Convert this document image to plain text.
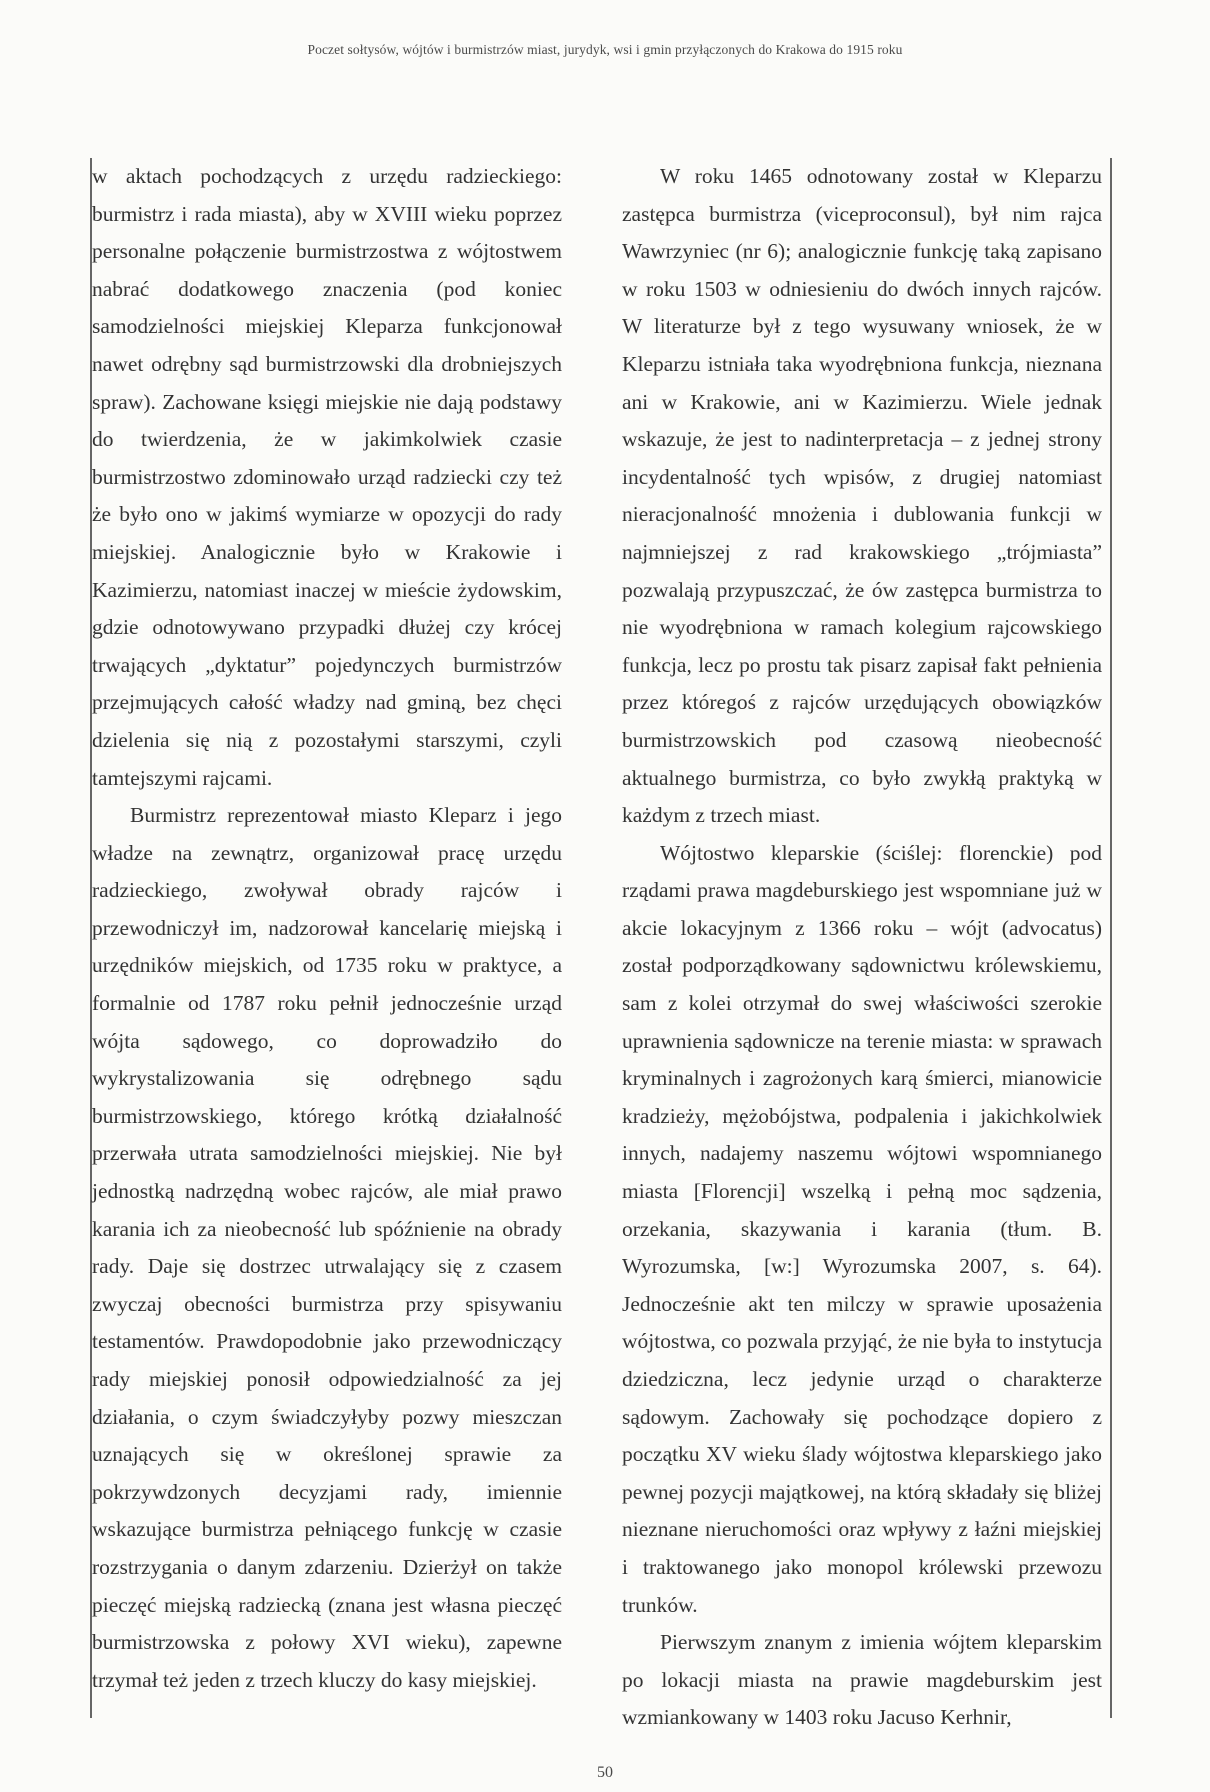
Poczet sołtysów, wójtów i burmistrzów miast, jurydyk, wsi i gmin przyłączonych do Krakowa do 1915 roku

w aktach pochodzących z urzędu radzieckiego: burmistrz i rada miasta), aby w XVIII wieku poprzez personalne połączenie burmistrzostwa z wójtostwem nabrać dodatkowego znaczenia (pod koniec samodzielności miejskiej Kleparza funkcjonował nawet odrębny sąd burmistrzowski dla drobniejszych spraw). Zachowane księgi miejskie nie dają podstawy do twierdzenia, że w jakimkolwiek czasie burmistrzostwo zdominowało urząd radziecki czy też że było ono w jakimś wymiarze w opozycji do rady miejskiej. Analogicznie było w Krakowie i Kazimierzu, natomiast inaczej w mieście żydowskim, gdzie odnotowywano przypadki dłużej czy krócej trwających „dyktatur” pojedynczych burmistrzów przejmujących całość władzy nad gminą, bez chęci dzielenia się nią z pozostałymi starszymi, czyli tamtejszymi rajcami.

Burmistrz reprezentował miasto Kleparz i jego władze na zewnątrz, organizował pracę urzędu radzieckiego, zwoływał obrady rajców i przewodniczył im, nadzorował kancelarię miejską i urzędników miejskich, od 1735 roku w praktyce, a formalnie od 1787 roku pełnił jednocześnie urząd wójta sądowego, co doprowadziło do wykrystalizowania się odrębnego sądu burmistrzowskiego, którego krótką działalność przerwała utrata samodzielności miejskiej. Nie był jednostką nadrzędną wobec rajców, ale miał prawo karania ich za nieobecność lub spóźnienie na obrady rady. Daje się dostrzec utrwalający się z czasem zwyczaj obecności burmistrza przy spisywaniu testamentów. Prawdopodobnie jako przewodniczący rady miejskiej ponosił odpowiedzialność za jej działania, o czym świadczyłyby pozwy mieszczan uznających się w określonej sprawie za pokrzywdzonych decyzjami rady, imiennie wskazujące burmistrza pełniącego funkcję w czasie rozstrzygania o danym zdarzeniu. Dzierżył on także pieczęć miejską radziecką (znana jest własna pieczęć burmistrzowska z połowy XVI wieku), zapewne trzymał też jeden z trzech kluczy do kasy miejskiej.

W roku 1465 odnotowany został w Kleparzu zastępca burmistrza (viceproconsul), był nim rajca Wawrzyniec (nr 6); analogicznie funkcję taką zapisano w roku 1503 w odniesieniu do dwóch innych rajców. W literaturze był z tego wysuwany wniosek, że w Kleparzu istniała taka wyodrębniona funkcja, nieznana ani w Krakowie, ani w Kazimierzu. Wiele jednak wskazuje, że jest to nadinterpretacja – z jednej strony incydentalność tych wpisów, z drugiej natomiast nieracjonalność mnożenia i dublowania funkcji w najmniejszej z rad krakowskiego „trójmiasta” pozwalają przypuszczać, że ów zastępca burmistrza to nie wyodrębniona w ramach kolegium rajcowskiego funkcja, lecz po prostu tak pisarz zapisał fakt pełnienia przez któregoś z rajców urzędujących obowiązków burmistrzowskich pod czasową nieobecność aktualnego burmistrza, co było zwykłą praktyką w każdym z trzech miast.

Wójtostwo kleparskie (ściślej: florenckie) pod rządami prawa magdeburskiego jest wspomniane już w akcie lokacyjnym z 1366 roku – wójt (advocatus) został podporządkowany sądownictwu królewskiemu, sam z kolei otrzymał do swej właściwości szerokie uprawnienia sądownicze na terenie miasta: w sprawach kryminalnych i zagrożonych karą śmierci, mianowicie kradzieży, mężobójstwa, podpalenia i jakichkolwiek innych, nadajemy naszemu wójtowi wspomnianego miasta [Florencji] wszelką i pełną moc sądzenia, orzekania, skazywania i karania (tłum. B. Wyrozumska, [w:] Wyrozumska 2007, s. 64). Jednocześnie akt ten milczy w sprawie uposażenia wójtostwa, co pozwala przyjąć, że nie była to instytucja dziedziczna, lecz jedynie urząd o charakterze sądowym. Zachowały się pochodzące dopiero z początku XV wieku ślady wójtostwa kleparskiego jako pewnej pozycji majątkowej, na którą składały się bliżej nieznane nieruchomości oraz wpływy z łaźni miejskiej i traktowanego jako monopol królewski przewozu trunków.

Pierwszym znanym z imienia wójtem kleparskim po lokacji miasta na prawie magdeburskim jest wzmiankowany w 1403 roku Jacuso Kerhnir,

50
